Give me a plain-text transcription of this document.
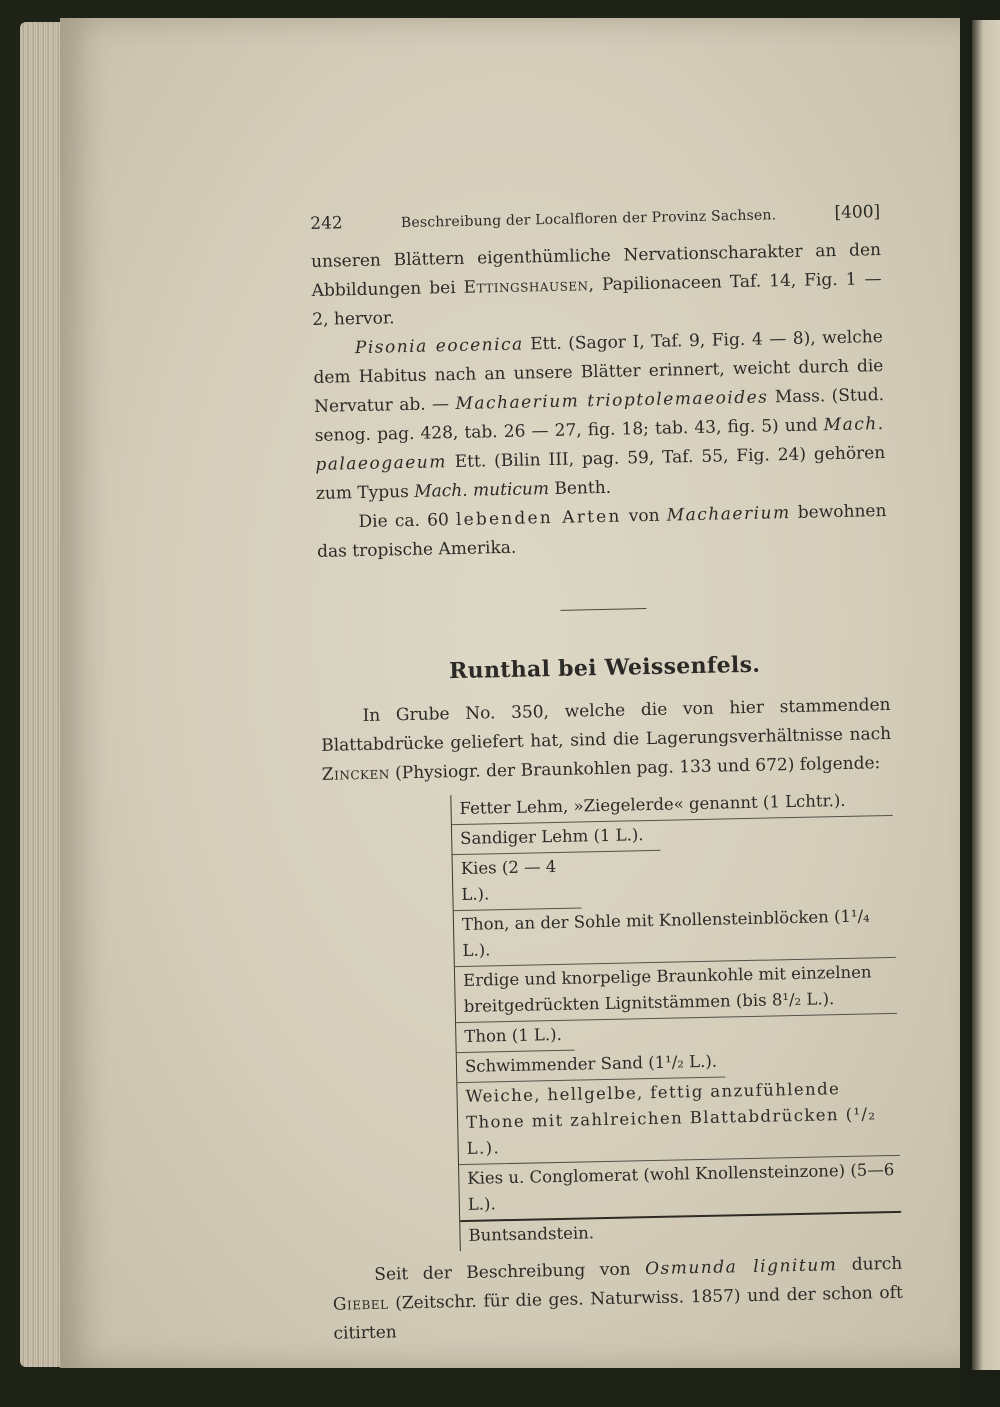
242	Beschreibung der Localfloren der Provinz Sachsen.	[400]

unseren Blättern eigenthümliche Nervationscharakter an den Abbildungen bei Ettingshausen, Papilionaceen Taf. 14, Fig. 1 — 2, hervor.

Pisonia eocenica Ett. (Sagor I, Taf. 9, Fig. 4 — 8), welche dem Habitus nach an unsere Blätter erinnert, weicht durch die Nervatur ab. — Machaerium trioptolemaeoides Mass. (Stud. senog. pag. 428, tab. 26 — 27, fig. 18; tab. 43, fig. 5) und Mach. palaeogaeum Ett. (Bilin III, pag. 59, Taf. 55, Fig. 24) gehören zum Typus Mach. muticum Benth.

Die ca. 60 lebenden Arten von Machaerium bewohnen das tropische Amerika.

Runthal bei Weissenfels.

In Grube No. 350, welche die von hier stammenden Blattabdrücke geliefert hat, sind die Lagerungsverhältnisse nach Zincken (Physiogr. der Braunkohlen pag. 133 und 672) folgende:

Fetter Lehm, »Ziegelerde« genannt (1 Lchtr.).
Sandiger Lehm (1 L.).
Kies (2 — 4 L.).
Thon, an der Sohle mit Knollensteinblöcken (1¹/₄ L.).
Erdige und knorpelige Braunkohle mit einzelnen breitgedrückten Lignitstämmen (bis 8¹/₂ L.).
Thon (1 L.).
Schwimmender Sand (1¹/₂ L.).
Weiche, hellgelbe, fettig anzufühlende Thone mit zahlreichen Blattabdrücken (¹/₂ L.).
Kies u. Conglomerat (wohl Knollensteinzone) (5—6 L.).
Buntsandstein.

Seit der Beschreibung von Osmunda lignitum durch Giebel (Zeitschr. für die ges. Naturwiss. 1857) und der schon oft citirten
